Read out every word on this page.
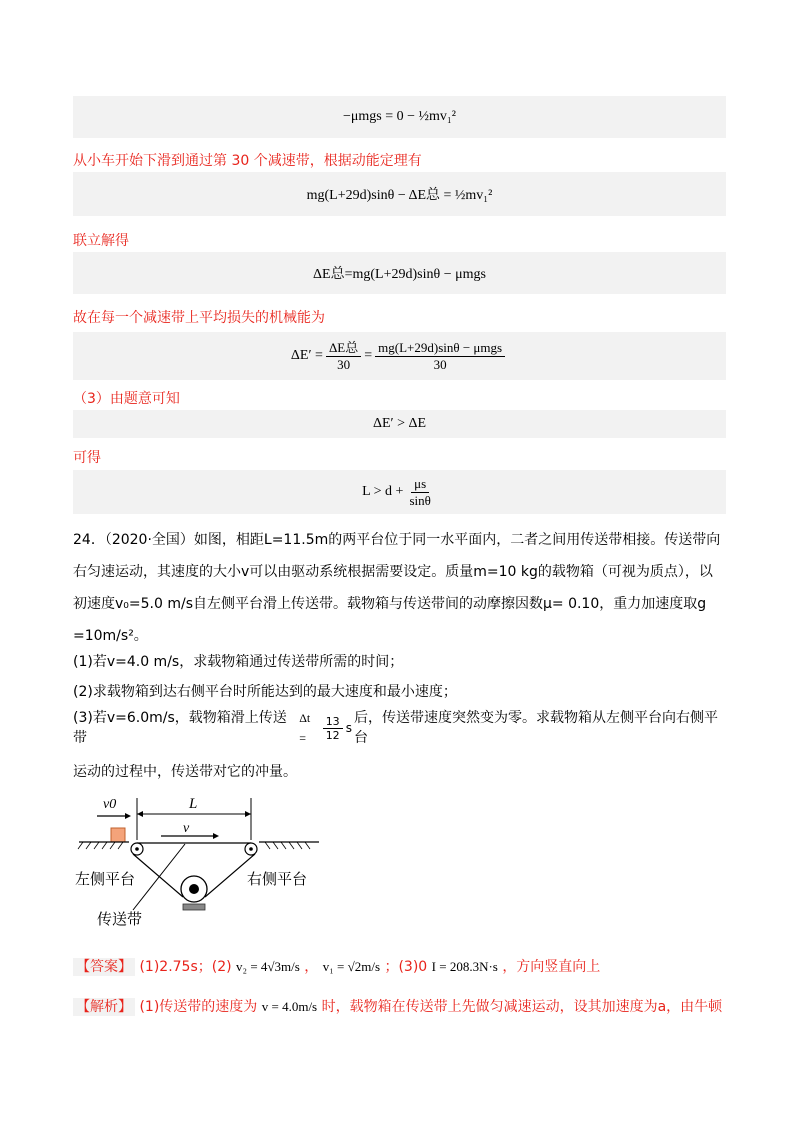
−μmgs = 0 − ½mv₁²
从小车开始下滑到通过第 30 个减速带，根据动能定理有
mg(L+29d)sinθ − ΔE总 = ½mv₁²
联立解得
ΔE总=mg(L+29d)sinθ − μmgs
故在每一个减速带上平均损失的机械能为
$\Delta E' = \frac{\text{ΔE总}}{30} = \frac{\text{mg(L+29d)sinθ − μmgs}}{30}$
（3）由题意可知
ΔE′ > ΔE
可得
$L > d + \frac{\mu s}{\sin\theta}$
24．（2020·全国）如图，相距L=11.5m的两平台位于同一水平面内，二者之间用传送带相接。传送带向右匀速运动，其速度的大小v可以由驱动系统根据需要设定。质量m=10 kg的载物箱（可视为质点），以初速度v₀=5.0 m/s自左侧平台滑上传送带。载物箱与传送带间的动摩擦因数μ= 0.10，重力加速度取g =10m/s²。
(1)若v=4.0 m/s，求载物箱通过传送带所需的时间；
(2)求载物箱到达右侧平台时所能达到的最大速度和最小速度；
(3)若v=6.0m/s，载物箱滑上传送带
Δt =	$\frac{13}{12}$ s
后，传送带速度突然变为零。求载物箱从左侧平台向右侧平台
运动的过程中，传送带对它的冲量。
v0	L
v
左侧平台	右侧平台
传送带
【答案】 (1)2.75s；(2) v₂ = 4√3m/s ， v₁ = √2m/s ；(3)0 I = 208.3N·s ，方向竖直向上
【解析】 (1)传送带的速度为 v = 4.0m/s 时，载物箱在传送带上先做匀减速运动，设其加速度为a，由牛顿
